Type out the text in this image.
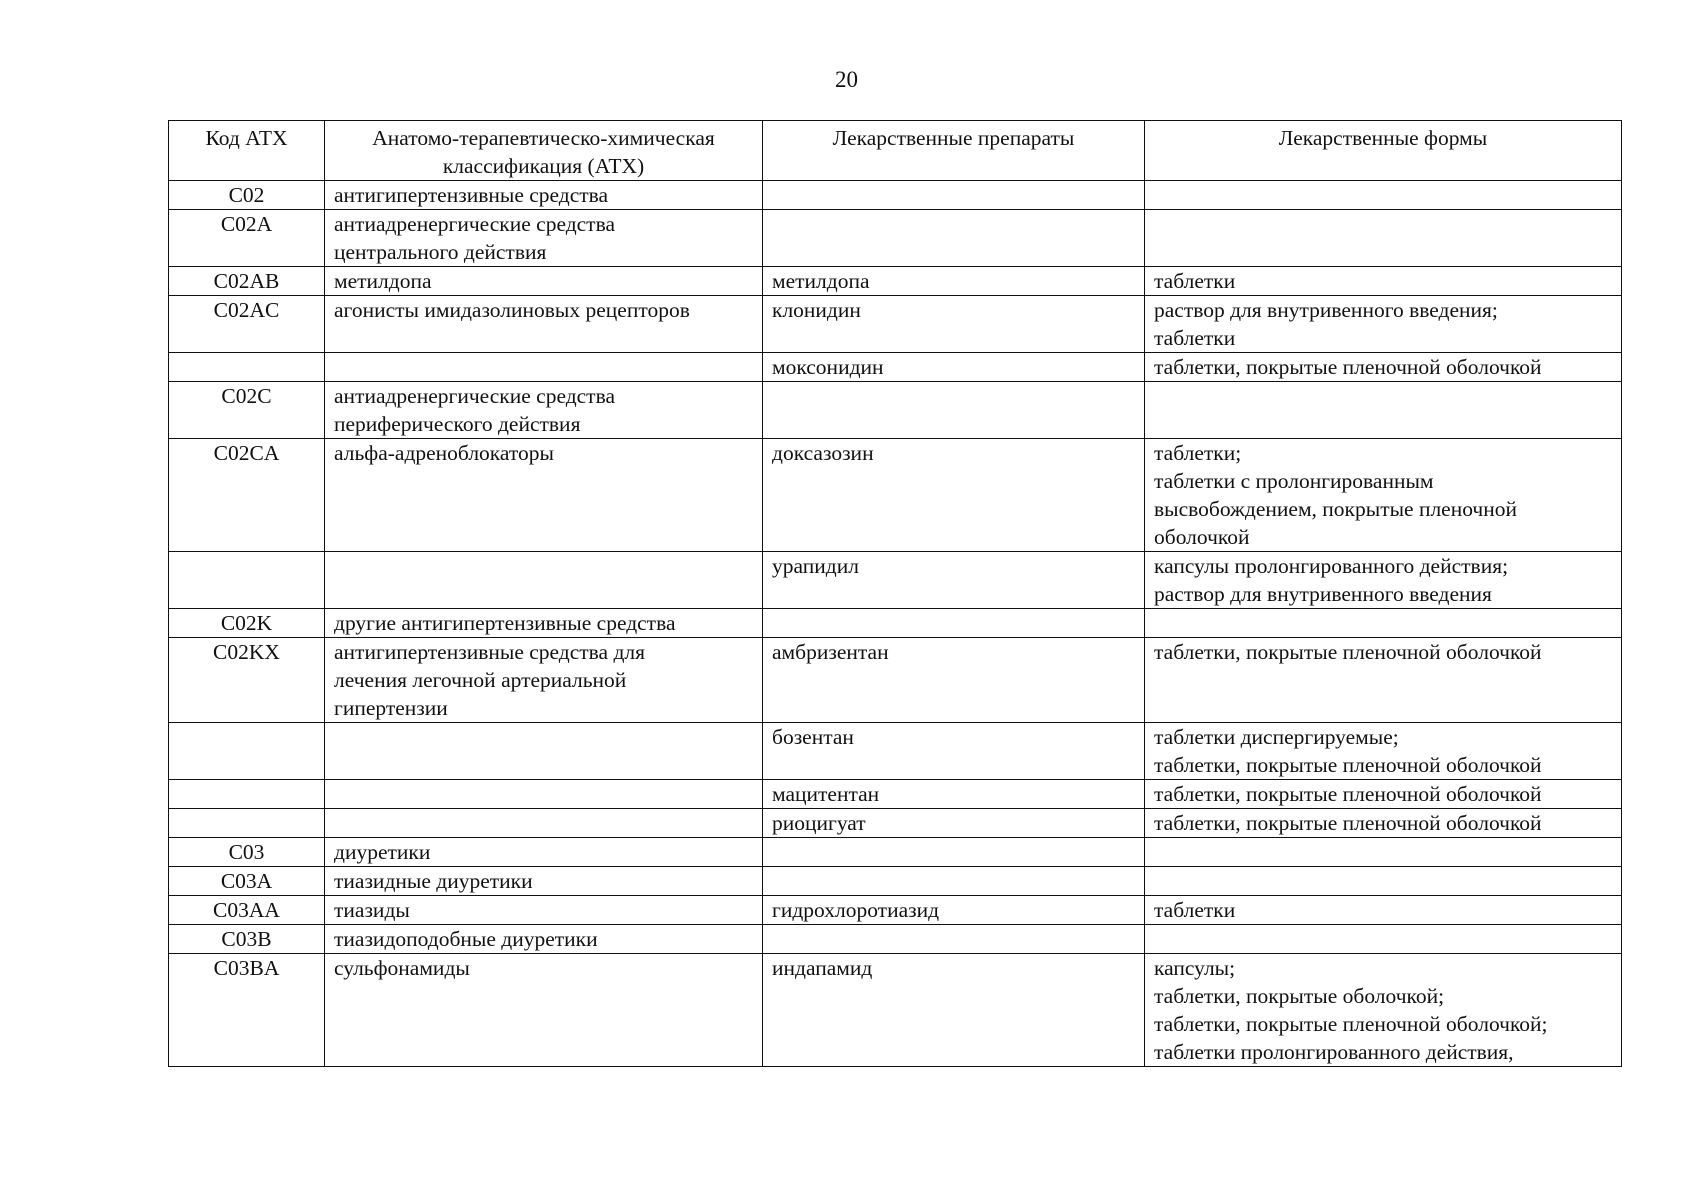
20
Код АТХ	Анатомо-терапевтическо-химическая классификация (АТХ)	Лекарственные препараты	Лекарственные формы
C02	антигипертензивные средства		
C02A	антиадренергические средства
центрального действия		
C02AB	метилдопа	метилдопа	таблетки
C02AC	агонисты имидазолиновых рецепторов	клонидин	раствор для внутривенного введения;
таблетки
		моксонидин	таблетки, покрытые пленочной оболочкой
C02C	антиадренергические средства
периферического действия		
C02CA	альфа-адреноблокаторы	доксазозин	таблетки;
таблетки с пролонгированным
высвобождением, покрытые пленочной
оболочкой
		урапидил	капсулы пролонгированного действия;
раствор для внутривенного введения
C02K	другие антигипертензивные средства		
C02KX	антигипертензивные средства для
лечения легочной артериальной
гипертензии	амбризентан	таблетки, покрытые пленочной оболочкой
		бозентан	таблетки диспергируемые;
таблетки, покрытые пленочной оболочкой
		мацитентан	таблетки, покрытые пленочной оболочкой
		риоцигуат	таблетки, покрытые пленочной оболочкой
C03	диуретики		
C03A	тиазидные диуретики		
C03AA	тиазиды	гидрохлоротиазид	таблетки
C03B	тиазидоподобные диуретики		
C03BA	сульфонамиды	индапамид	капсулы;
таблетки, покрытые оболочкой;
таблетки, покрытые пленочной оболочкой;
таблетки пролонгированного действия,
